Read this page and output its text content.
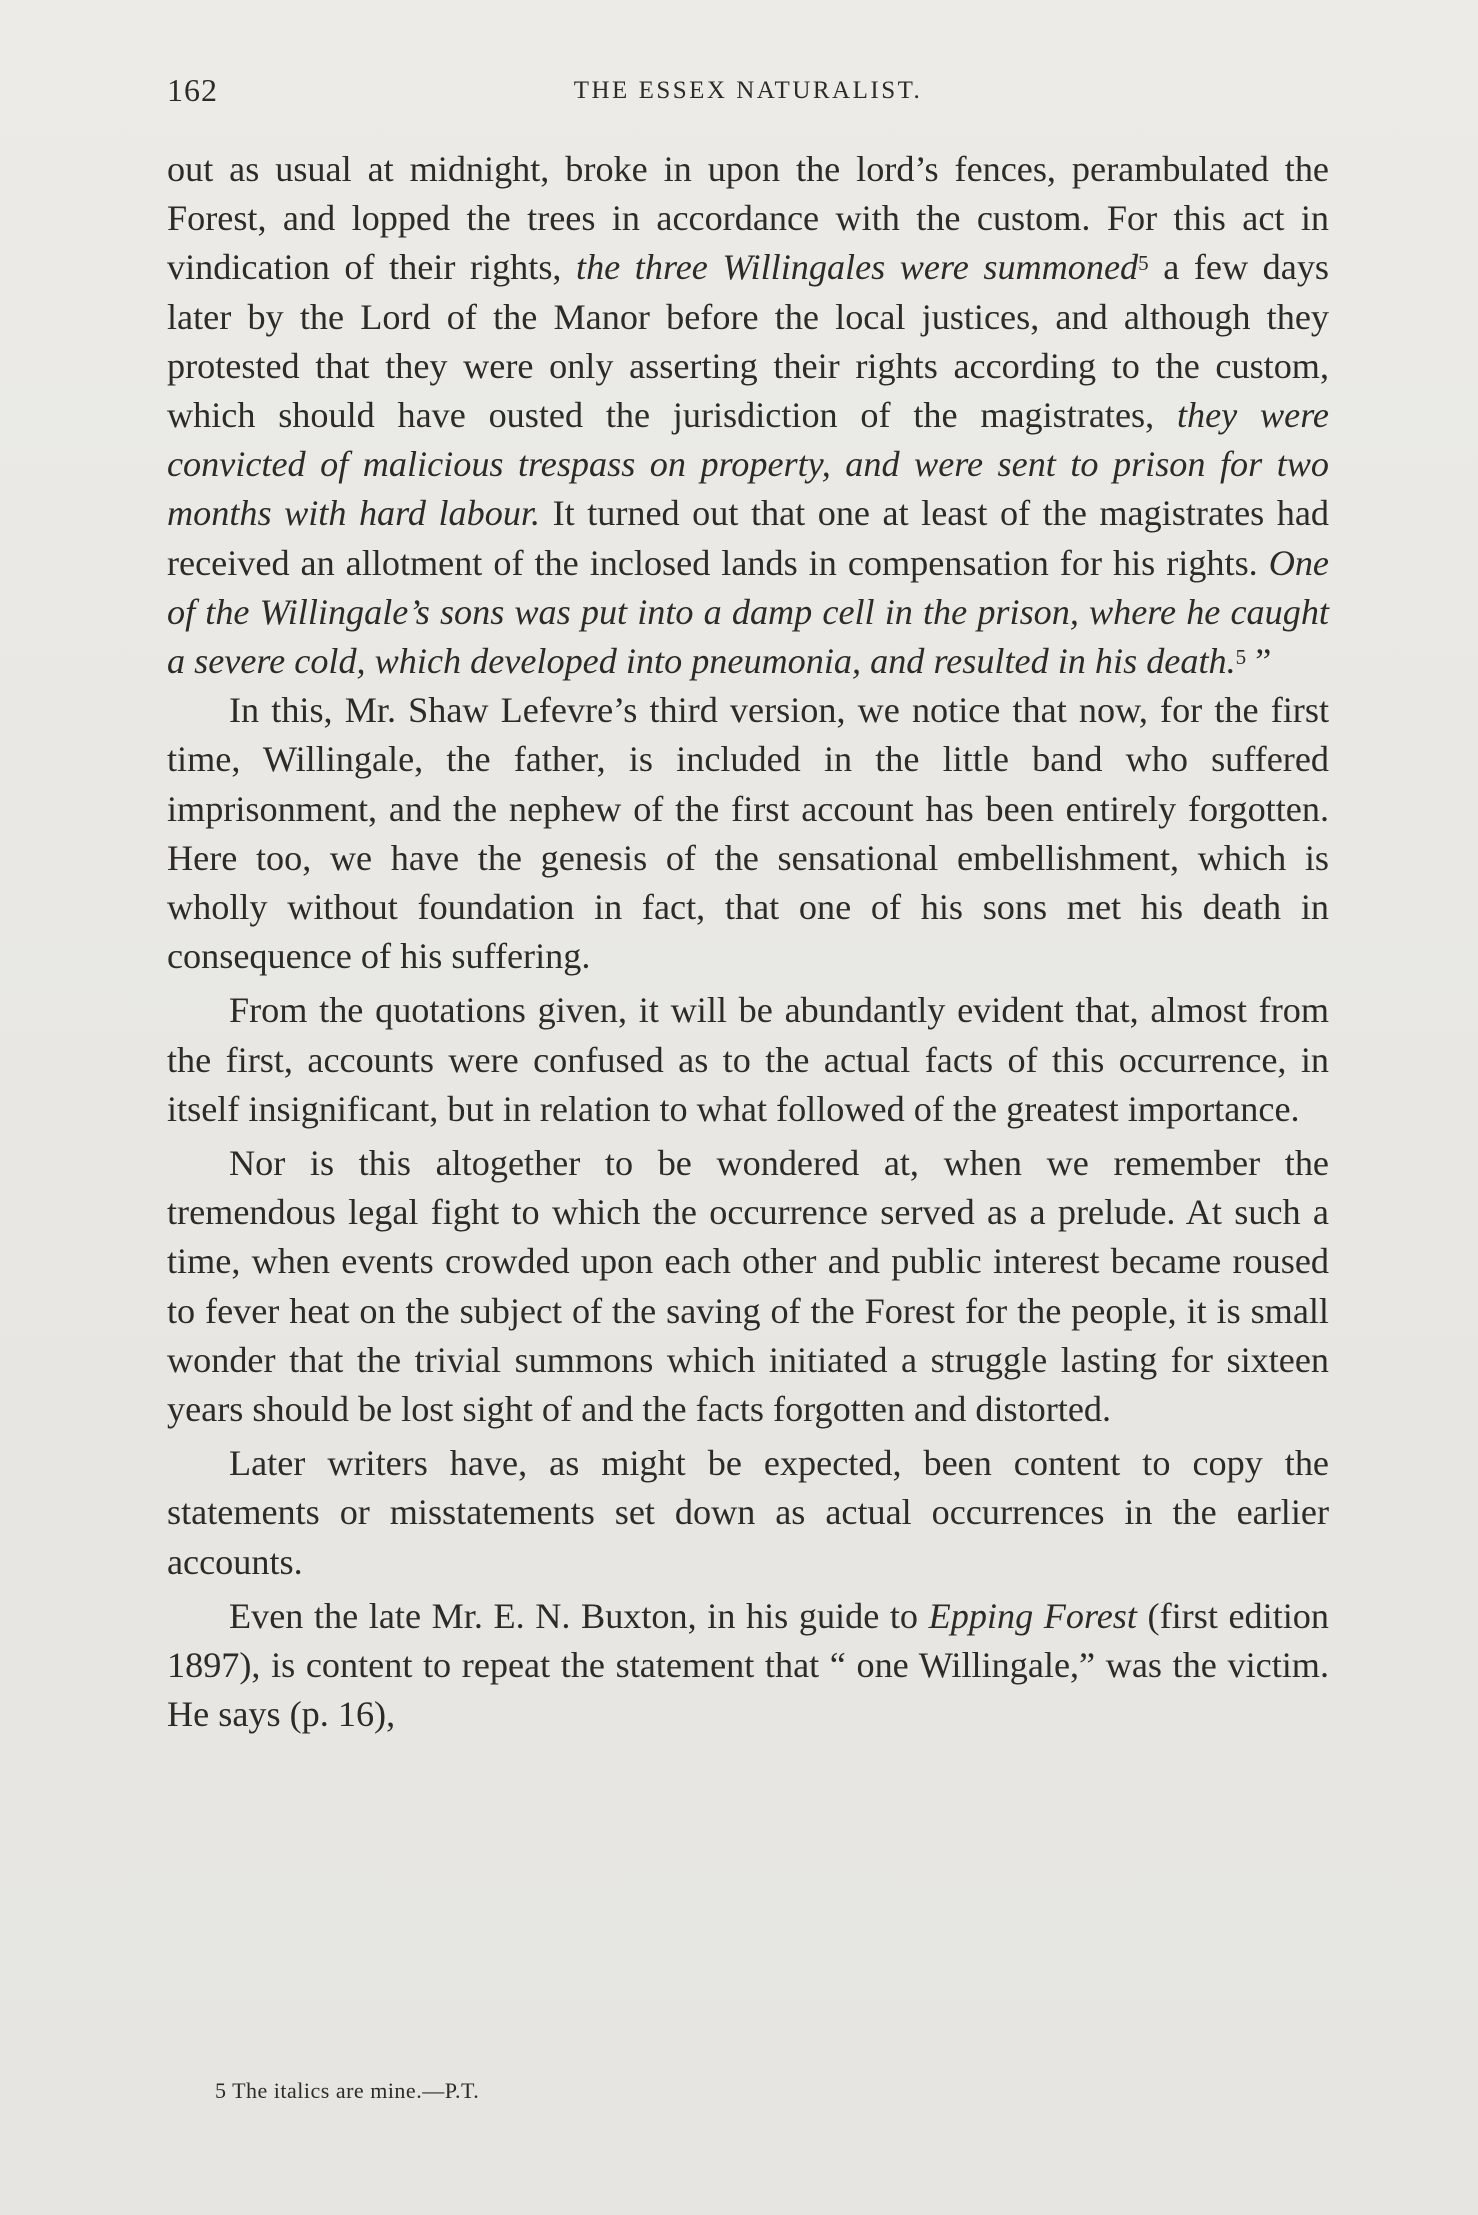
162	THE ESSEX NATURALIST.

out as usual at midnight, broke in upon the lord’s fences, perambulated the Forest, and lopped the trees in accordance with the custom. For this act in vindication of their rights, the three Willingales were summoned$^5$ a few days later by the Lord of the Manor before the local justices, and although they protested that they were only asserting their rights according to the custom, which should have ousted the jurisdiction of the magistrates, they were convicted of malicious trespass on property, and were sent to prison for two months with hard labour. It turned out that one at least of the magistrates had received an allotment of the inclosed lands in compensation for his rights. One of the Willingale’s sons was put into a damp cell in the prison, where he caught a severe cold, which developed into pneumonia, and resulted in his death.$^5$ ”

In this, Mr. Shaw Lefevre’s third version, we notice that now, for the first time, Willingale, the father, is included in the little band who suffered imprisonment, and the nephew of the first account has been entirely forgotten. Here too, we have the genesis of the sensational embellishment, which is wholly without foundation in fact, that one of his sons met his death in consequence of his suffering.

From the quotations given, it will be abundantly evident that, almost from the first, accounts were confused as to the actual facts of this occurrence, in itself insignificant, but in relation to what followed of the greatest importance.

Nor is this altogether to be wondered at, when we remember the tremendous legal fight to which the occurrence served as a prelude. At such a time, when events crowded upon each other and public interest became roused to fever heat on the subject of the saving of the Forest for the people, it is small wonder that the trivial summons which initiated a struggle lasting for sixteen years should be lost sight of and the facts forgotten and distorted.

Later writers have, as might be expected, been content to copy the statements or misstatements set down as actual occurrences in the earlier accounts.

Even the late Mr. E. N. Buxton, in his guide to Epping Forest (first edition 1897), is content to repeat the statement that “ one Willingale,” was the victim. He says (p. 16),

5 The italics are mine.—P.T.
